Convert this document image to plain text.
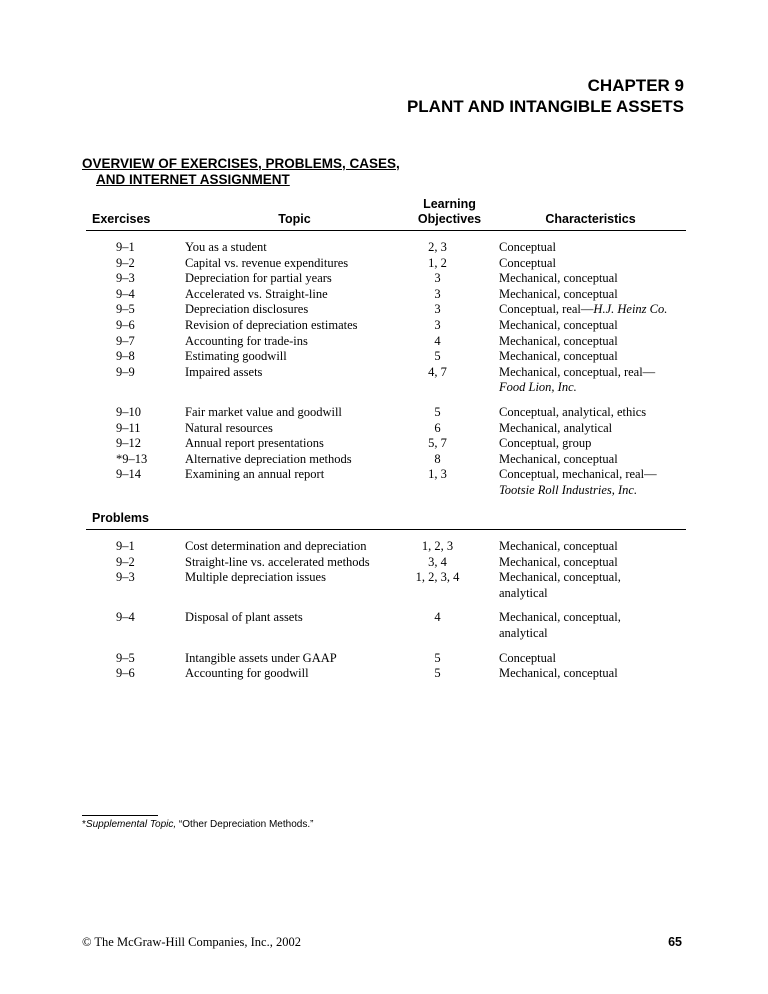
CHAPTER 9
PLANT AND INTANGIBLE ASSETS
OVERVIEW OF EXERCISES, PROBLEMS, CASES,
AND INTERNET ASSIGNMENT
Exercises	Topic	Learning
Objectives	Characteristics
9–1	You as a student	2, 3	Conceptual
9–2	Capital vs. revenue expenditures	1, 2	Conceptual
9–3	Depreciation for partial years	3	Mechanical, conceptual
9–4	Accelerated vs. Straight-line	3	Mechanical, conceptual
9–5	Depreciation disclosures	3	Conceptual, real—H.J. Heinz Co.
9–6	Revision of depreciation estimates	3	Mechanical, conceptual
9–7	Accounting for trade-ins	4	Mechanical, conceptual
9–8	Estimating goodwill	5	Mechanical, conceptual
9–9	Impaired assets	4, 7	Mechanical, conceptual, real—
Food Lion, Inc.

9–10	Fair market value and goodwill	5	Conceptual, analytical, ethics
9–11	Natural resources	6	Mechanical, analytical
9–12	Annual report presentations	5, 7	Conceptual, group
*9–13	Alternative depreciation methods	8	Mechanical, conceptual
9–14	Examining an annual report	1, 3	Conceptual, mechanical, real—
Tootsie Roll Industries, Inc.
Problems			
9–1	Cost determination and depreciation	1, 2, 3	Mechanical, conceptual
9–2	Straight-line vs. accelerated methods	3, 4	Mechanical, conceptual
9–3	Multiple depreciation issues	1, 2, 3, 4	Mechanical, conceptual,
analytical

9–4	Disposal of plant assets	4	Mechanical, conceptual,
analytical

9–5	Intangible assets under GAAP	5	Conceptual
9–6	Accounting for goodwill	5	Mechanical, conceptual
*Supplemental Topic, “Other Depreciation Methods.”
© The McGraw-Hill Companies, Inc., 2002	65
